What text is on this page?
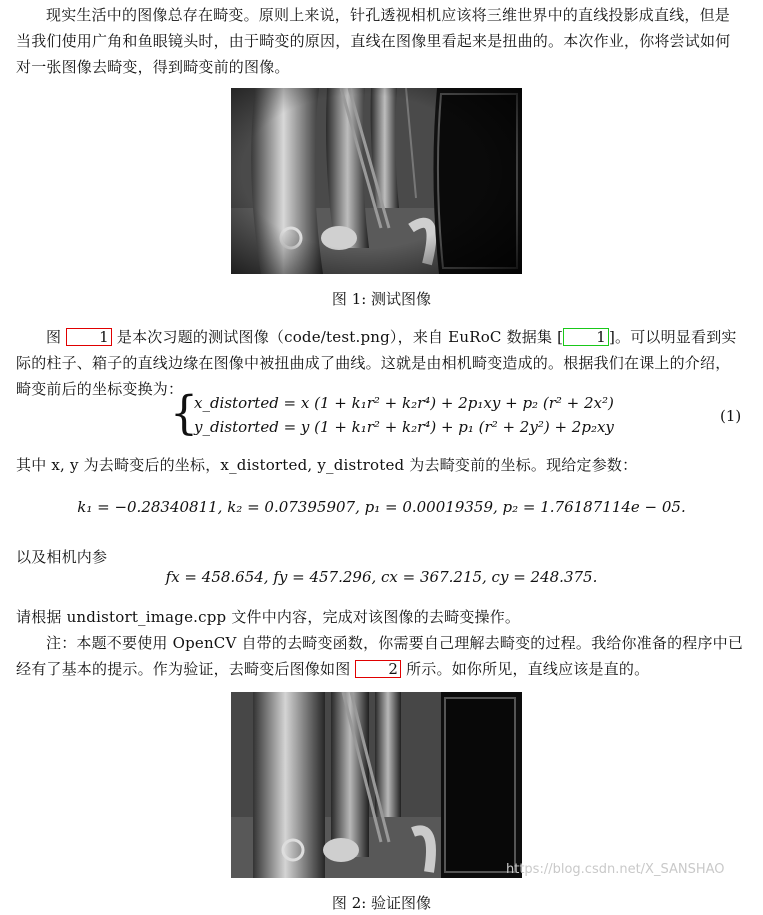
现实生活中的图像总存在畸变。原则上来说，针孔透视相机应该将三维世界中的直线投影成直线，但是当我们使用广角和鱼眼镜头时，由于畸变的原因，直线在图像里看起来是扭曲的。本次作业，你将尝试如何对一张图像去畸变，得到畸变前的图像。
图 1: 测试图像
图 1 是本次习题的测试图像（code/test.png），来自 EuRoC 数据集 [ 1 ]。可以明显看到实际的柱子、箱子的直线边缘在图像中被扭曲成了曲线。这就是由相机畸变造成的。根据我们在课上的介绍，畸变前后的坐标变换为：
{
x_distorted = x (1 + k₁r² + k₂r⁴) + 2p₁xy + p₂ (r² + 2x²)
y_distorted = y (1 + k₁r² + k₂r⁴) + p₁ (r² + 2y²) + 2p₂xy
(1)
其中 x, y 为去畸变后的坐标，x_distorted, y_distroted 为去畸变前的坐标。现给定参数：
k₁ = −0.28340811, k₂ = 0.07395907, p₁ = 0.00019359, p₂ = 1.76187114e − 05.
以及相机内参
fx = 458.654, fy = 457.296, cx = 367.215, cy = 248.375.
请根据 undistort_image.cpp 文件中内容，完成对该图像的去畸变操作。
注：本题不要使用 OpenCV 自带的去畸变函数，你需要自己理解去畸变的过程。我给你准备的程序中已经有了基本的提示。作为验证，去畸变后图像如图 2 所示。如你所见，直线应该是直的。
图 2: 验证图像
https://blog.csdn.net/X_SANSHAO
